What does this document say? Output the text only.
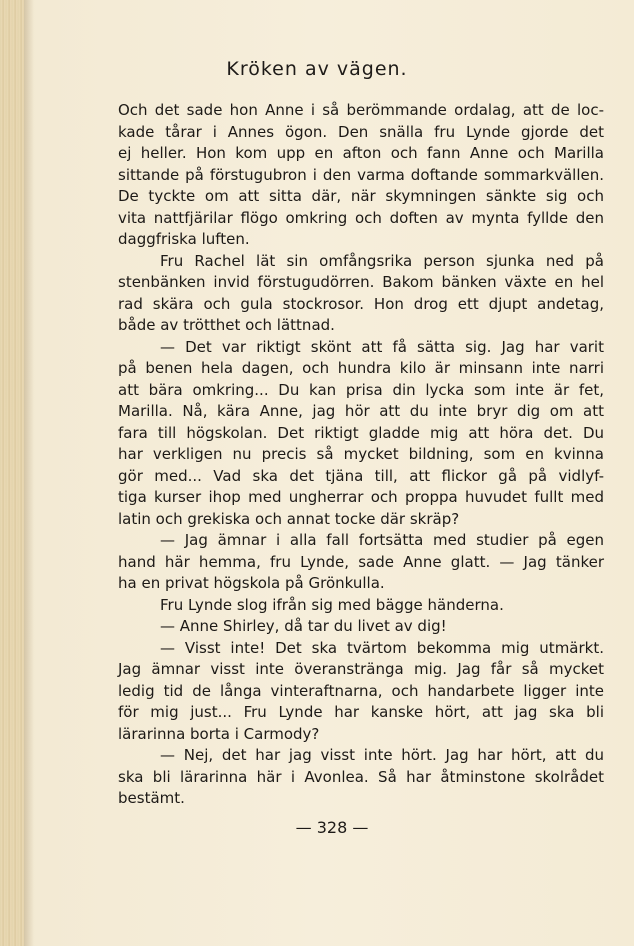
Kröken av vägen.
Och det sade hon Anne i så berömmande ordalag, att de loc-
kade tårar i Annes ögon. Den snälla fru Lynde gjorde det
ej heller. Hon kom upp en afton och fann Anne och Marilla
sittande på förstugubron i den varma doftande sommarkvällen.
De tyckte om att sitta där, när skymningen sänkte sig och
vita nattfjärilar flögo omkring och doften av mynta fyllde den
daggfriska luften.
Fru Rachel lät sin omfångsrika person sjunka ned på
stenbänken invid förstugudörren. Bakom bänken växte en hel
rad skära och gula stockrosor. Hon drog ett djupt andetag,
både av trötthet och lättnad.
— Det var riktigt skönt att få sätta sig. Jag har varit
på benen hela dagen, och hundra kilo är minsann inte narri
att bära omkring... Du kan prisa din lycka som inte är fet,
Marilla. Nå, kära Anne, jag hör att du inte bryr dig om att
fara till högskolan. Det riktigt gladde mig att höra det. Du
har verkligen nu precis så mycket bildning, som en kvinna
gör med... Vad ska det tjäna till, att flickor gå på vidlyf-
tiga kurser ihop med ungherrar och proppa huvudet fullt med
latin och grekiska och annat tocke där skräp?
— Jag ämnar i alla fall fortsätta med studier på egen
hand här hemma, fru Lynde, sade Anne glatt. — Jag tänker
ha en privat högskola på Grönkulla.
Fru Lynde slog ifrån sig med bägge händerna.
— Anne Shirley, då tar du livet av dig!
— Visst inte! Det ska tvärtom bekomma mig utmärkt.
Jag ämnar visst inte överanstränga mig. Jag får så mycket
ledig tid de långa vinteraftnarna, och handarbete ligger inte
för mig just... Fru Lynde har kanske hört, att jag ska bli
lärarinna borta i Carmody?
— Nej, det har jag visst inte hört. Jag har hört, att du
ska bli lärarinna här i Avonlea. Så har åtminstone skolrådet
bestämt.
— 328 —
